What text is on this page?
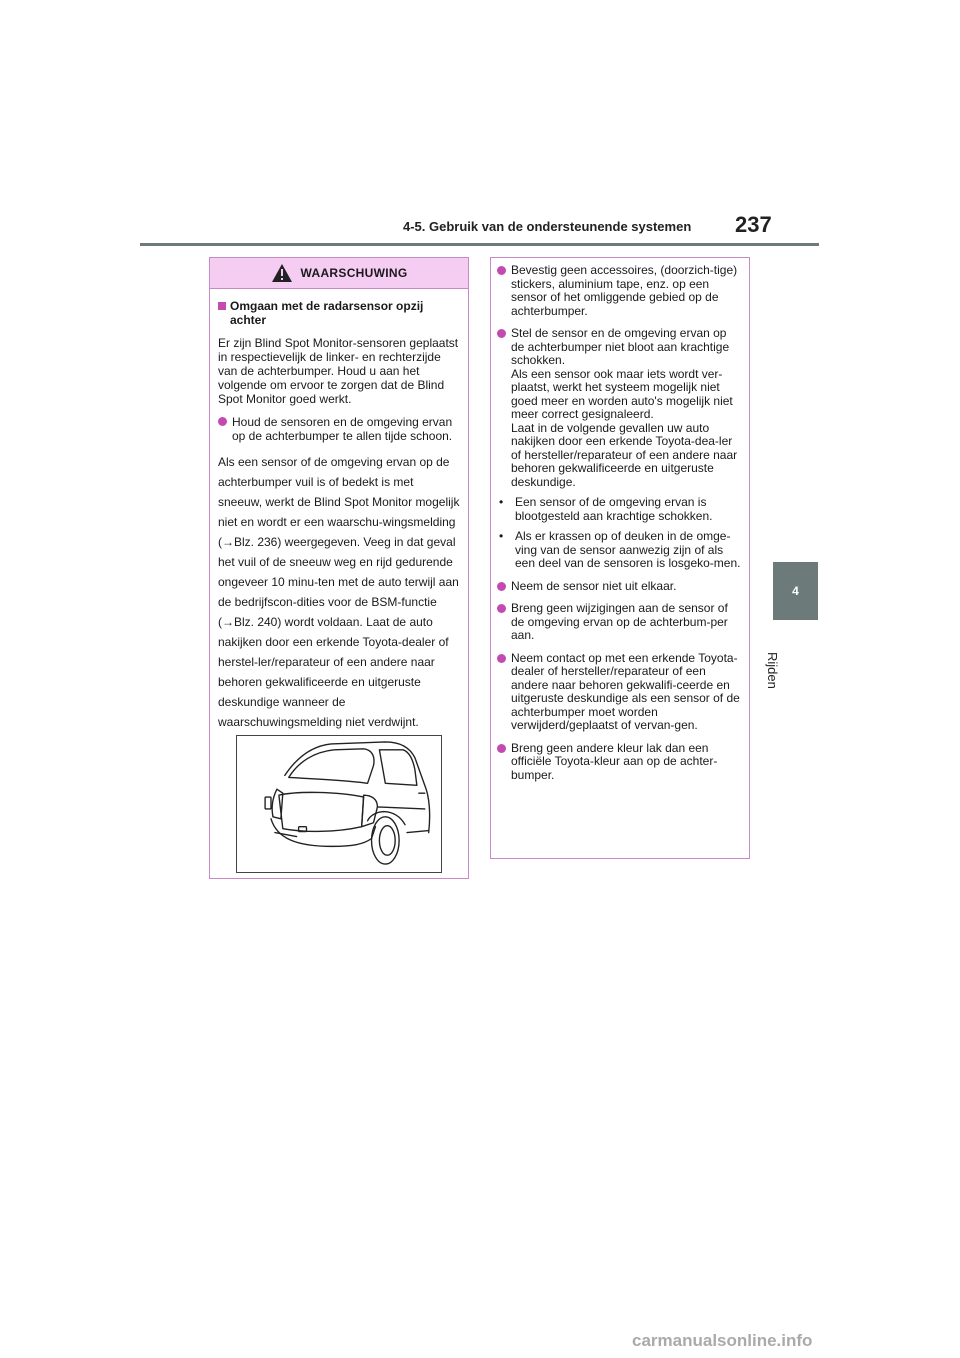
4-5. Gebruik van de ondersteunende systemen 237
4
Rijden
WAARSCHUWING
Omgaan met de radarsensor opzij achter
Er zijn Blind Spot Monitor-sensoren geplaatst in respectievelijk de linker- en rechterzijde van de achterbumper. Houd u aan het volgende om ervoor te zorgen dat de Blind Spot Monitor goed werkt.
Houd de sensoren en de omgeving ervan op de achterbumper te allen tijde schoon.
Als een sensor of de omgeving ervan op de achterbumper vuil is of bedekt is met sneeuw, werkt de Blind Spot Monitor mogelijk niet en wordt er een waarschu-wingsmelding (→Blz. 236) weergegeven. Veeg in dat geval het vuil of de sneeuw weg en rijd gedurende ongeveer 10 minu-ten met de auto terwijl aan de bedrijfscon-dities voor de BSM-functie (→Blz. 240) wordt voldaan. Laat de auto nakijken door een erkende Toyota-dealer of herstel-ler/reparateur of een andere naar behoren gekwalificeerde en uitgeruste deskundige wanneer de waarschuwingsmelding niet verdwijnt.
Bevestig geen accessoires, (doorzich-tige) stickers, aluminium tape, enz. op een sensor of het omliggende gebied op de achterbumper.
Stel de sensor en de omgeving ervan op de achterbumper niet bloot aan krachtige schokken.
Als een sensor ook maar iets wordt ver-plaatst, werkt het systeem mogelijk niet goed meer en worden auto's mogelijk niet meer correct gesignaleerd.
Laat in de volgende gevallen uw auto nakijken door een erkende Toyota-dea-ler of hersteller/reparateur of een andere naar behoren gekwalificeerde en uitgeruste deskundige.
• Een sensor of de omgeving ervan is blootgesteld aan krachtige schokken.
• Als er krassen op of deuken in de omge-ving van de sensor aanwezig zijn of als een deel van de sensoren is losgeko-men.
Neem de sensor niet uit elkaar.
Breng geen wijzigingen aan de sensor of de omgeving ervan op de achterbum-per aan.
Neem contact op met een erkende Toyota-dealer of hersteller/reparateur of een andere naar behoren gekwalifi-ceerde en uitgeruste deskundige als een sensor of de achterbumper moet worden verwijderd/geplaatst of vervan-gen.
Breng geen andere kleur lak dan een officiële Toyota-kleur aan op de achter-bumper.
carmanualsonline.info
